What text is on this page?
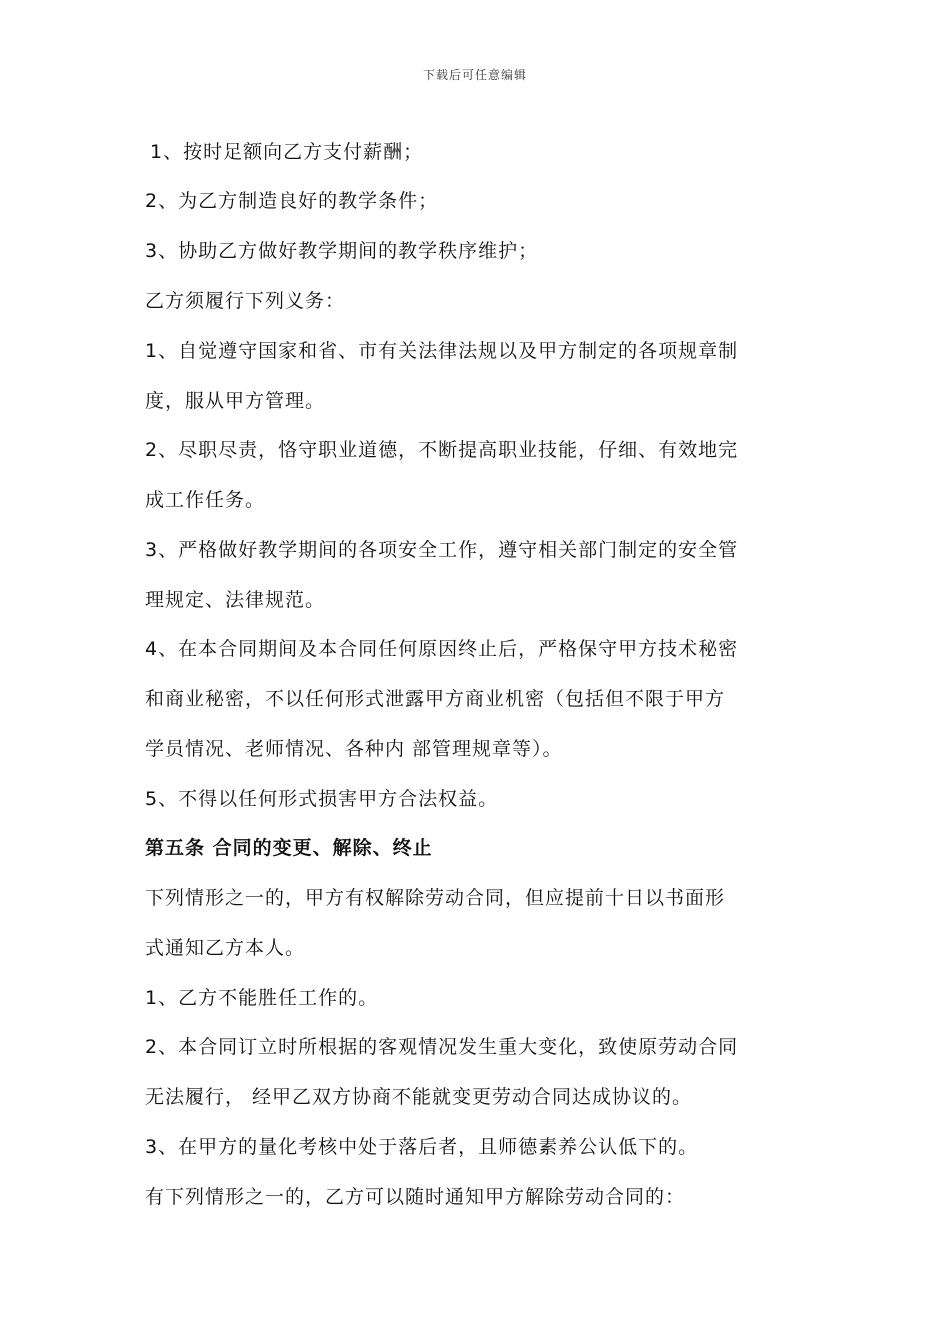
下载后可任意编辑
1、按时足额向乙方支付薪酬；
2、为乙方制造良好的教学条件；
3、协助乙方做好教学期间的教学秩序维护；
乙方须履行下列义务：
1、自觉遵守国家和省、市有关法律法规以及甲方制定的各项规章制
度，服从甲方管理。
2、尽职尽责，恪守职业道德，不断提高职业技能，仔细、有效地完
成工作任务。
3、严格做好教学期间的各项安全工作，遵守相关部门制定的安全管
理规定、法律规范。
4、在本合同期间及本合同任何原因终止后，严格保守甲方技术秘密
和商业秘密，不以任何形式泄露甲方商业机密（包括但不限于甲方
学员情况、老师情况、各种内 部管理规章等）。
5、不得以任何形式损害甲方合法权益。
第五条 合同的变更、解除、终止
下列情形之一的，甲方有权解除劳动合同，但应提前十日以书面形
式通知乙方本人。
1、乙方不能胜任工作的。
2、本合同订立时所根据的客观情况发生重大变化，致使原劳动合同
无法履行， 经甲乙双方协商不能就变更劳动合同达成协议的。
3、在甲方的量化考核中处于落后者，且师德素养公认低下的。
有下列情形之一的，乙方可以随时通知甲方解除劳动合同的：
